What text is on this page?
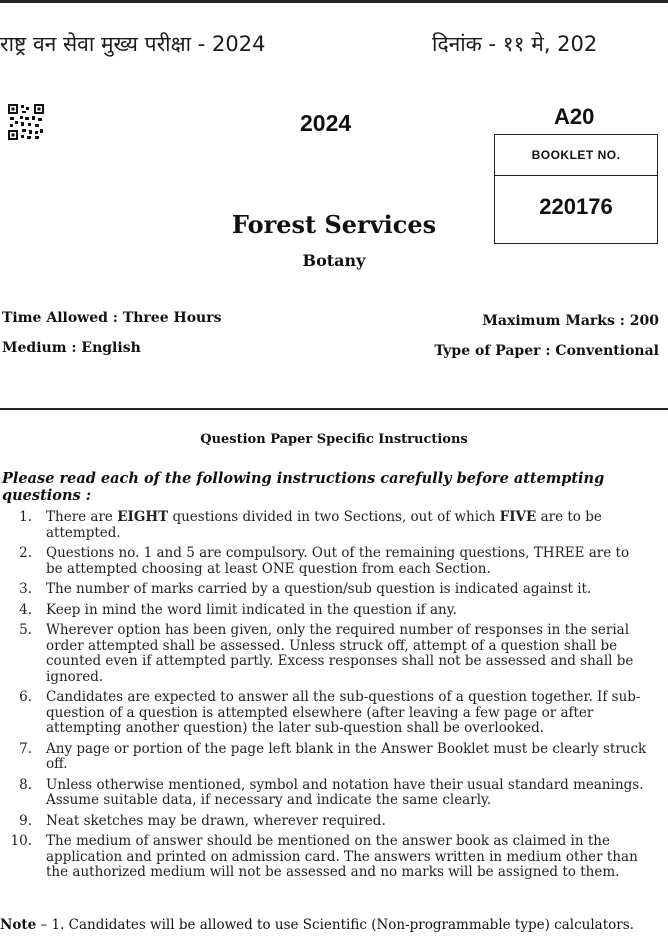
राष्ट्र वन सेवा मुख्य परीक्षा - 2024	दिनांक - ११ मे, 202
2024	A20
BOOKLET NO.
220176
Forest Services
Botany
Time Allowed : Three Hours	Maximum Marks : 200
Medium : English	Type of Paper : Conventional
Question Paper Specific Instructions
Please read each of the following instructions carefully before attempting questions :
1. There are EIGHT questions divided in two Sections, out of which FIVE are to be attempted.
2. Questions no. 1 and 5 are compulsory. Out of the remaining questions, THREE are to be attempted choosing at least ONE question from each Section.
3. The number of marks carried by a question/sub question is indicated against it.
4. Keep in mind the word limit indicated in the question if any.
5. Wherever option has been given, only the required number of responses in the serial order attempted shall be assessed. Unless struck off, attempt of a question shall be counted even if attempted partly. Excess responses shall not be assessed and shall be ignored.
6. Candidates are expected to answer all the sub-questions of a question together. If sub-question of a question is attempted elsewhere (after leaving a few page or after attempting another question) the later sub-question shall be overlooked.
7. Any page or portion of the page left blank in the Answer Booklet must be clearly struck off.
8. Unless otherwise mentioned, symbol and notation have their usual standard meanings. Assume suitable data, if necessary and indicate the same clearly.
9. Neat sketches may be drawn, wherever required.
10. The medium of answer should be mentioned on the answer book as claimed in the application and printed on admission card. The answers written in medium other than the authorized medium will not be assessed and no marks will be assigned to them.
Note – 1. Candidates will be allowed to use Scientific (Non-programmable type) calculators.
